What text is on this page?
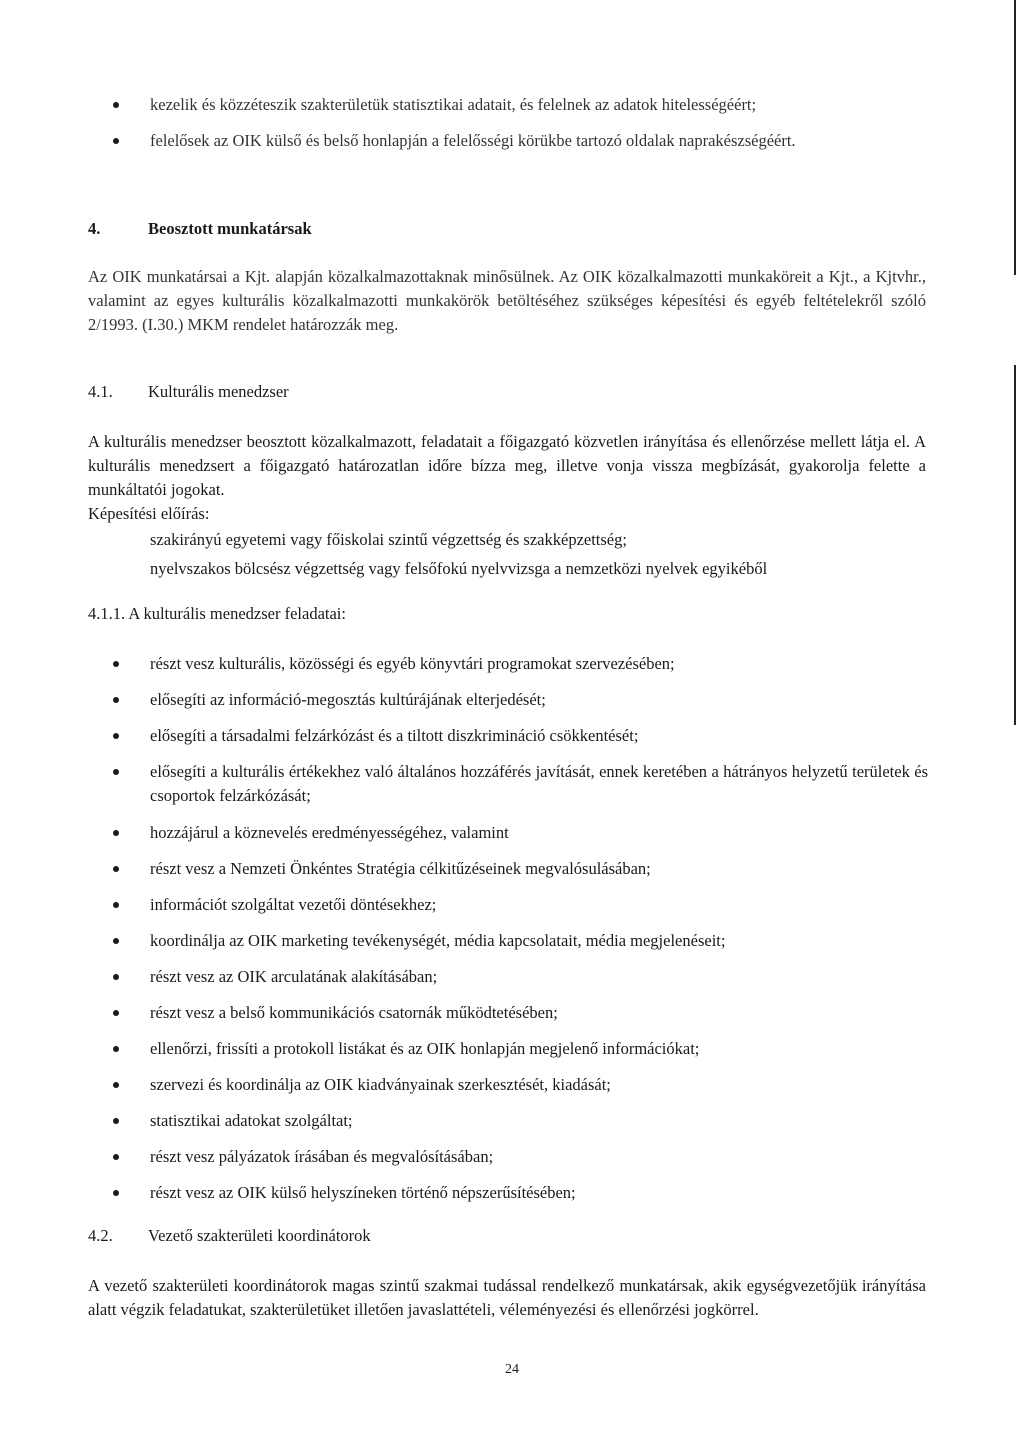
kezelik és közzéteszik szakterületük statisztikai adatait, és felelnek az adatok hitelességéért;
felelősek az OIK külső és belső honlapján a felelősségi körükbe tartozó oldalak naprakészségéért.
4.	Beosztott munkatársak
Az OIK munkatársai a Kjt. alapján közalkalmazottaknak minősülnek. Az OIK közalkalmazotti munkaköreit a Kjt., a Kjtvhr., valamint az egyes kulturális közalkalmazotti munkakörök betöltéséhez szükséges képesítési és egyéb feltételekről szóló 2/1993. (I.30.) MKM rendelet határozzák meg.
4.1. Kulturális menedzser
A kulturális menedzser beosztott közalkalmazott, feladatait a főigazgató közvetlen irányítása és ellenőrzése mellett látja el. A kulturális menedzsert a főigazgató határozatlan időre bízza meg, illetve vonja vissza megbízását, gyakorolja felette a munkáltatói jogokat.
Képesítési előírás:
szakirányú egyetemi vagy főiskolai szintű végzettség és szakképzettség;
nyelvszakos bölcsész végzettség vagy felsőfokú nyelvvizsga a nemzetközi nyelvek egyikéből
4.1.1. A kulturális menedzser feladatai:
részt vesz kulturális, közösségi és egyéb könyvtári programokat szervezésében;
elősegíti az információ-megosztás kultúrájának elterjedését;
elősegíti a társadalmi felzárkózást és a tiltott diszkrimináció csökkentését;
elősegíti a kulturális értékekhez való általános hozzáférés javítását, ennek keretében a hátrányos helyzetű területek és csoportok felzárkózását;
hozzájárul a köznevelés eredményességéhez, valamint
részt vesz a Nemzeti Önkéntes Stratégia célkitűzéseinek megvalósulásában;
információt szolgáltat vezetői döntésekhez;
koordinálja az OIK marketing tevékenységét, média kapcsolatait, média megjelenéseit;
részt vesz az OIK arculatának alakításában;
részt vesz a belső kommunikációs csatornák működtetésében;
ellenőrzi, frissíti a protokoll listákat és az OIK honlapján megjelenő információkat;
szervezi és koordinálja az OIK kiadványainak szerkesztését, kiadását;
statisztikai adatokat szolgáltat;
részt vesz pályázatok írásában és megvalósításában;
részt vesz az OIK külső helyszíneken történő népszerűsítésében;
4.2. Vezető szakterületi koordinátorok
A vezető szakterületi koordinátorok magas szintű szakmai tudással rendelkező munkatársak, akik egységvezetőjük irányítása alatt végzik feladatukat, szakterületüket illetően javaslattételi, véleményezési és ellenőrzési jogkörrel.
24
